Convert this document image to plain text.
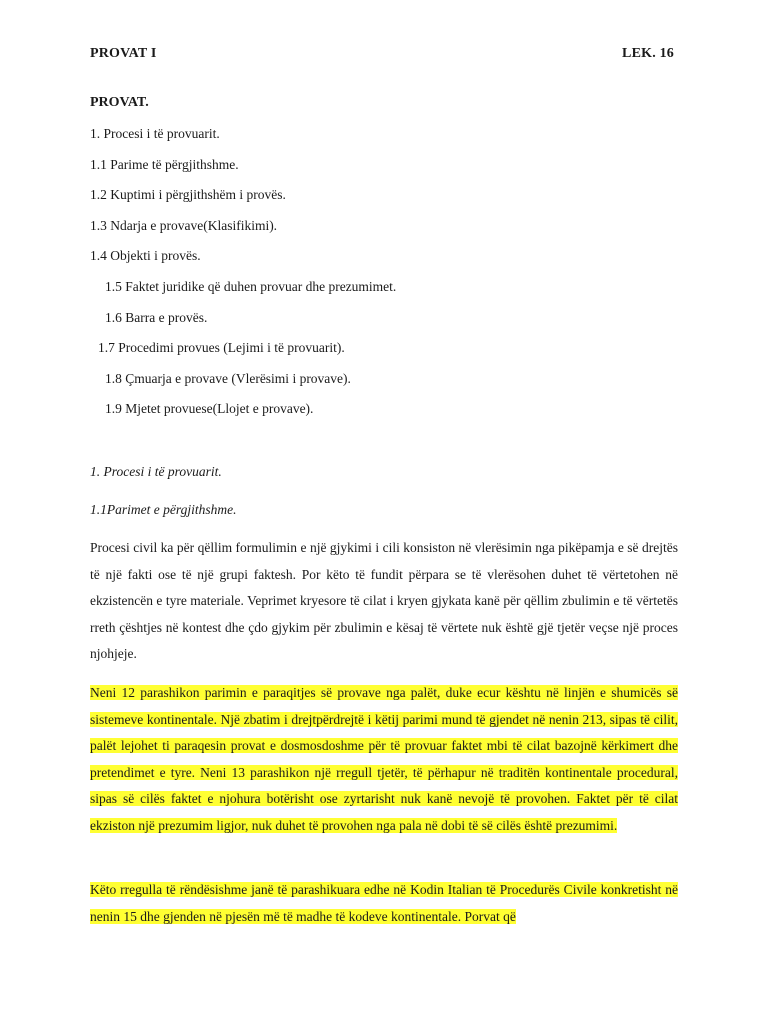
PROVAT I	LEK. 16
PROVAT.
1. Procesi i të provuarit.
1.1 Parime të përgjithshme.
1.2 Kuptimi i përgjithshëm i provës.
1.3 Ndarja e provave(Klasifikimi).
1.4 Objekti i provës.
1.5 Faktet juridike që duhen provuar dhe prezumimet.
1.6 Barra e provës.
1.7 Procedimi provues (Lejimi i të provuarit).
1.8 Çmuarja e provave (Vlerësimi i provave).
1.9 Mjetet provuese(Llojet e provave).
1. Procesi i të provuarit.
1.1Parimet e përgjithshme.

Procesi civil ka për qëllim formulimin e një gjykimi i cili konsiston në vlerësimin nga pikëpamja e së drejtës të një fakti ose të një grupi faktesh. Por këto të fundit përpara se të vlerësohen duhet të vërtetohen në ekzistencën e tyre materiale. Veprimet kryesore të cilat i kryen gjykata kanë për qëllim zbulimin e të vërtetës rreth çështjes në kontest dhe çdo gjykim për zbulimin e kësaj të vërtete nuk është gjë tjetër veçse një proces njohjeje.

Neni 12 parashikon parimin e paraqitjes së provave nga palët, duke ecur kështu në linjën e shumicës së sistemeve kontinentale. Një zbatim i drejtpërdrejtë i këtij parimi mund të gjendet në nenin 213, sipas të cilit, palët lejohet ti paraqesin provat e dosmosdoshme për të provuar faktet mbi të cilat bazojnë kërkimert dhe pretendimet e tyre. Neni 13 parashikon një rregull tjetër, të përhapur në traditën kontinentale procedural, sipas së cilës faktet e njohura botërisht ose zyrtarisht nuk kanë nevojë të provohen. Faktet për të cilat ekziston një prezumim ligjor, nuk duhet të provohen nga pala në dobi të së cilës është prezumimi.

Këto rregulla të rëndësishme janë të parashikuara edhe në Kodin Italian të Procedurës Civile konkretisht në nenin 15 dhe gjenden në pjesën më të madhe të kodeve kontinentale. Porvat që
